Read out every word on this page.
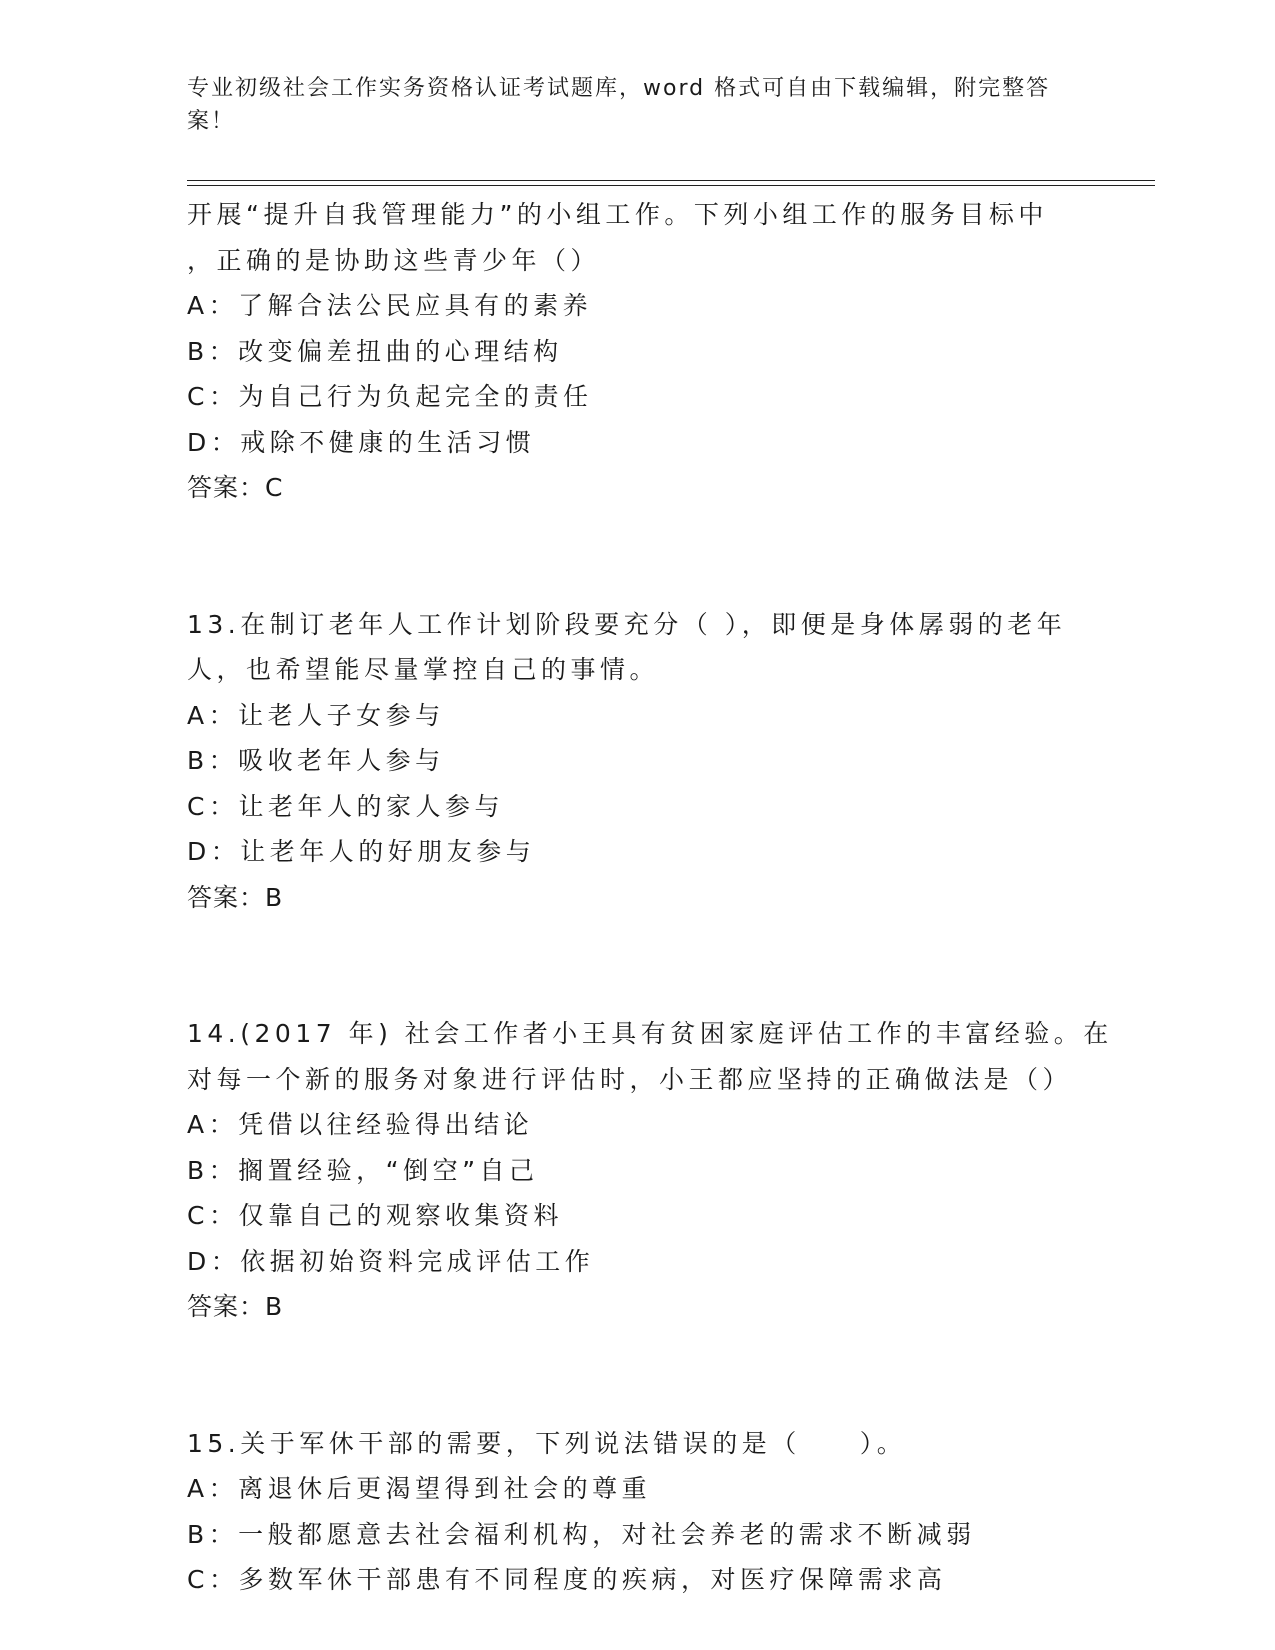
专业初级社会工作实务资格认证考试题库，word 格式可自由下载编辑，附完整答
案！
开展“提升自我管理能力”的小组工作。下列小组工作的服务目标中
，正确的是协助这些青少年（）
A：了解合法公民应具有的素养
B：改变偏差扭曲的心理结构
C：为自己行为负起完全的责任
D：戒除不健康的生活习惯
答案：C
13.在制订老年人工作计划阶段要充分（ ），即便是身体孱弱的老年
人，也希望能尽量掌控自己的事情。
A：让老人子女参与
B：吸收老年人参与
C：让老年人的家人参与
D：让老年人的好朋友参与
答案：B
14.(2017 年) 社会工作者小王具有贫困家庭评估工作的丰富经验。在
对每一个新的服务对象进行评估时，小王都应坚持的正确做法是（）
A：凭借以往经验得出结论
B：搁置经验，“倒空”自己
C：仅靠自己的观察收集资料
D：依据初始资料完成评估工作
答案：B
15.关于军休干部的需要，下列说法错误的是（　　）。
A：离退休后更渴望得到社会的尊重
B：一般都愿意去社会福利机构，对社会养老的需求不断减弱
C：多数军休干部患有不同程度的疾病，对医疗保障需求高
